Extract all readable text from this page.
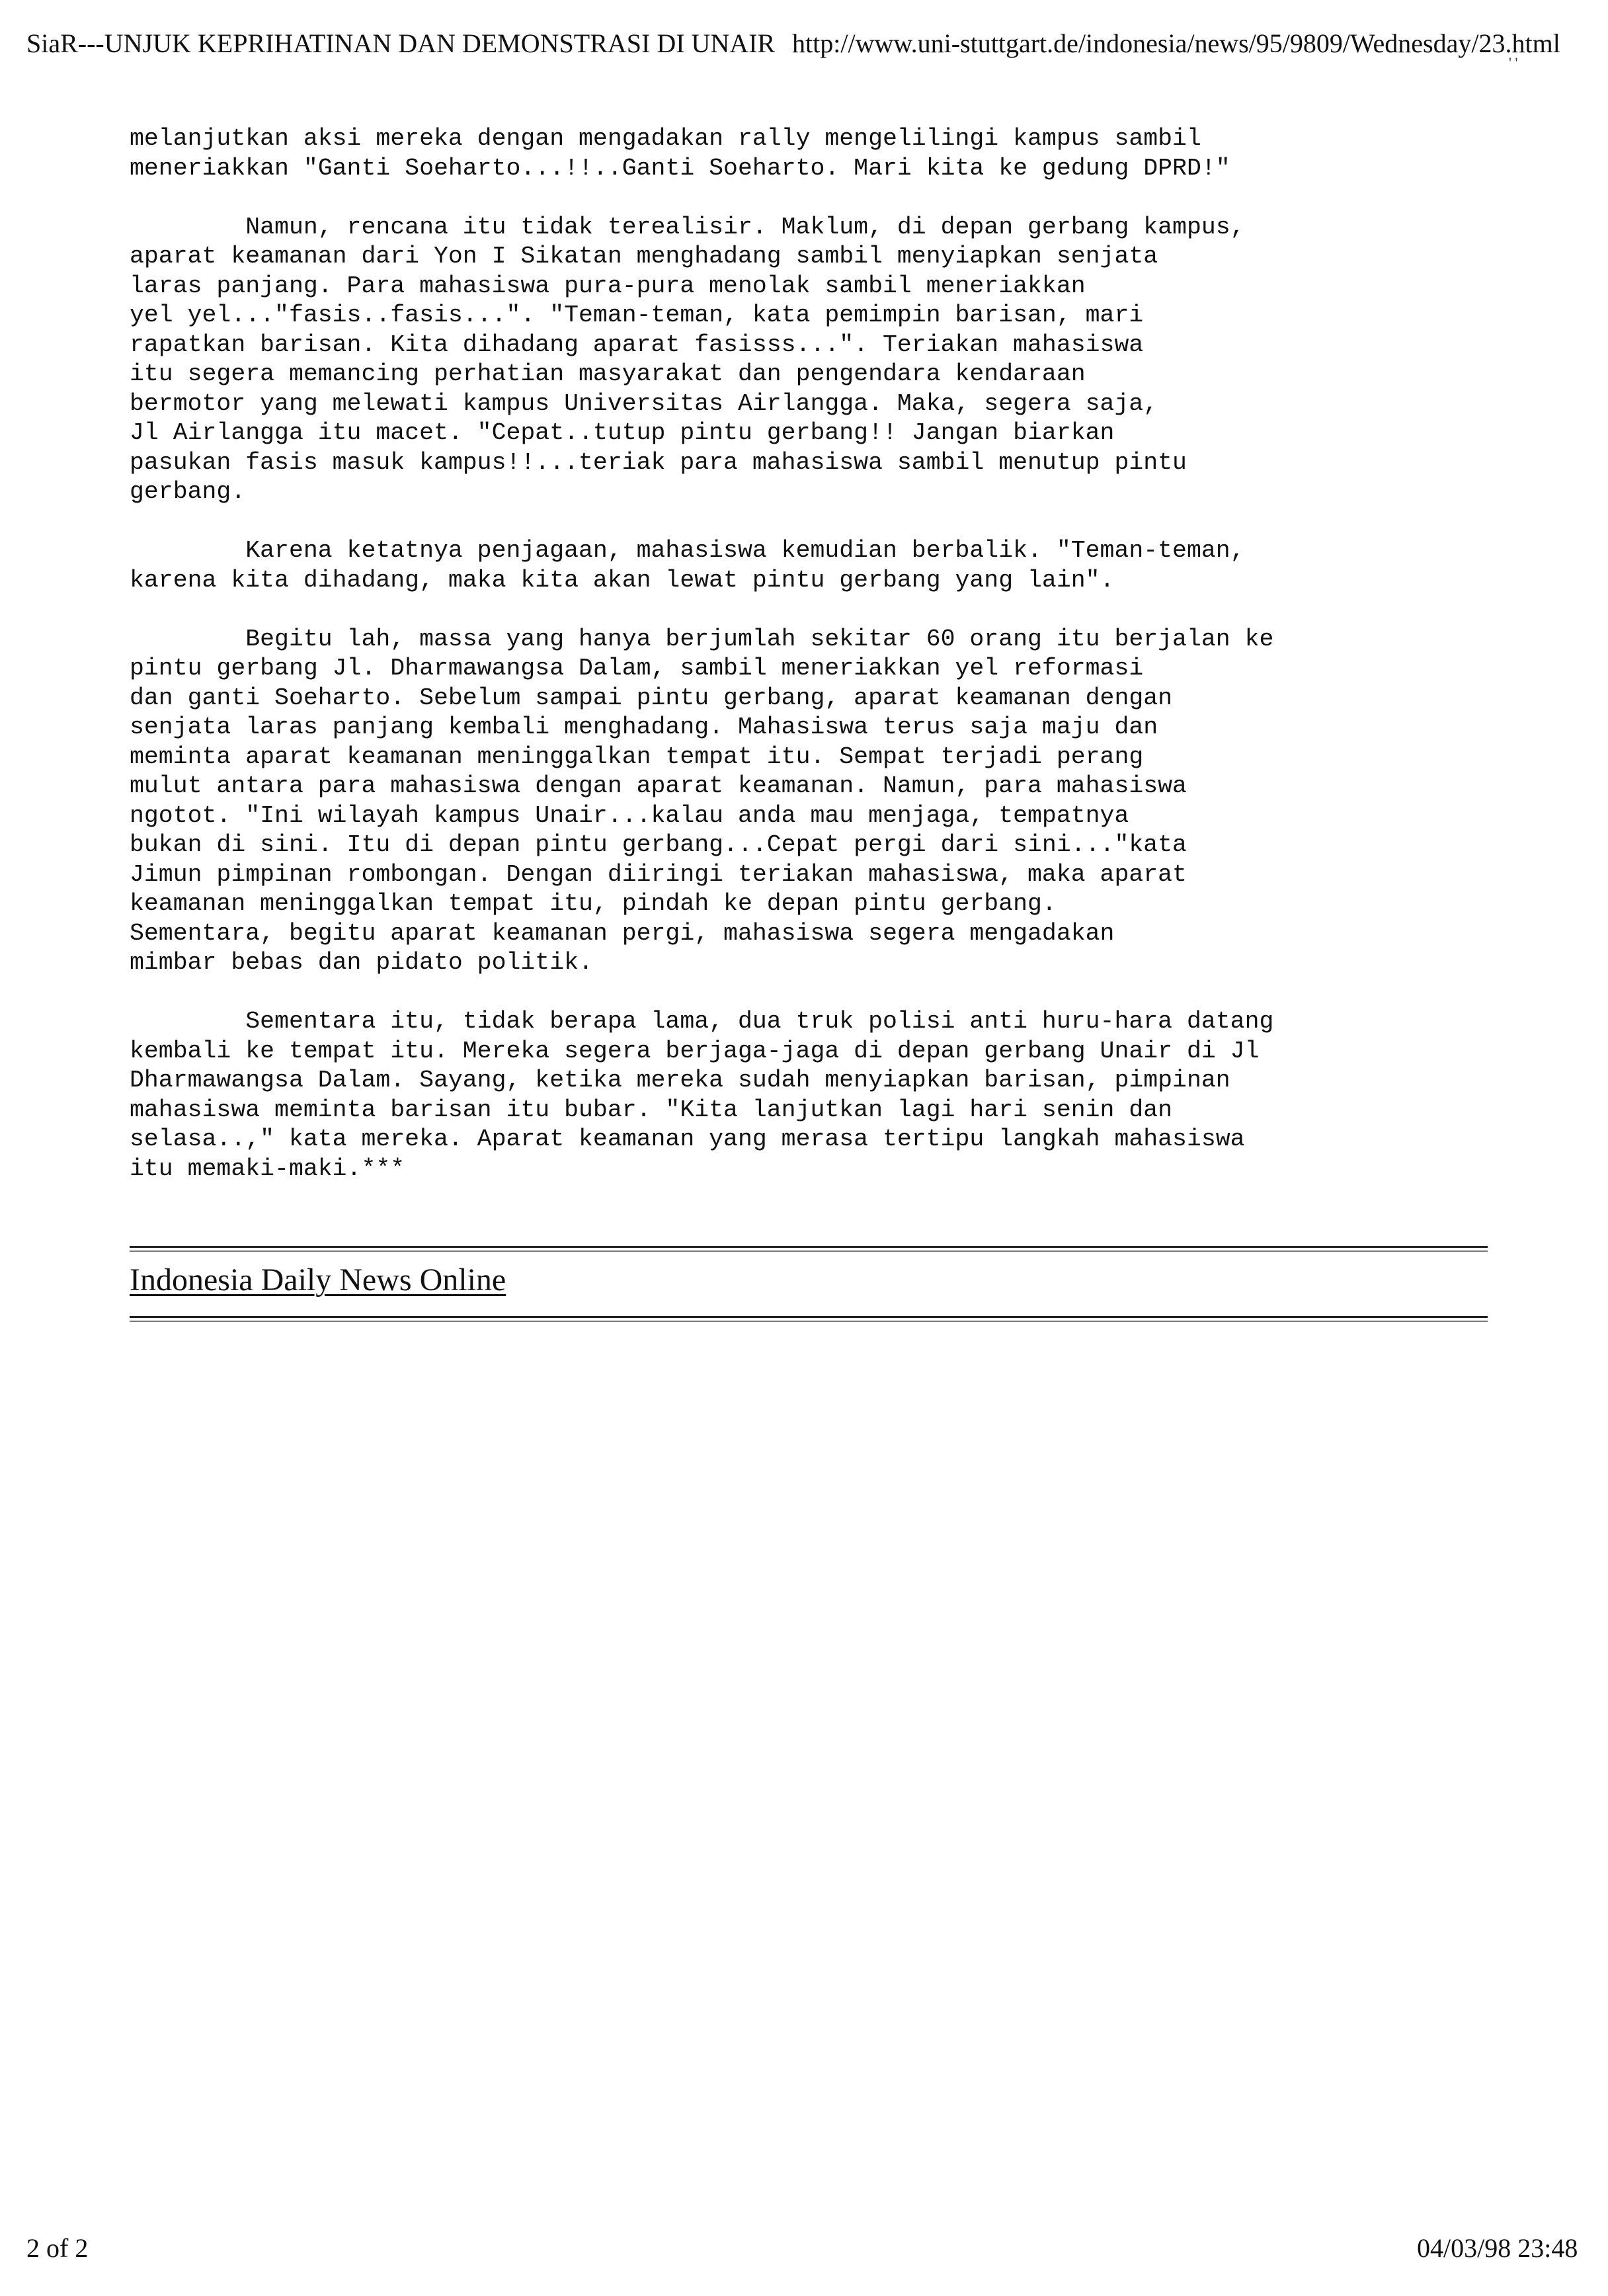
SiaR---UNJUK KEPRIHATINAN DAN DEMONSTRASI DI UNAIR http://www.uni-stuttgart.de/indonesia/news/95/9809/Wednesday/23.html
' '

melanjutkan aksi mereka dengan mengadakan rally mengelilingi kampus sambil
meneriakkan "Ganti Soeharto...!!..Ganti Soeharto. Mari kita ke gedung DPRD!"

Namun, rencana itu tidak terealisir. Maklum, di depan gerbang kampus,
aparat keamanan dari Yon I Sikatan menghadang sambil menyiapkan senjata
laras panjang. Para mahasiswa pura-pura menolak sambil meneriakkan
yel yel..."fasis..fasis...". "Teman-teman, kata pemimpin barisan, mari
rapatkan barisan. Kita dihadang aparat fasisss...". Teriakan mahasiswa
itu segera memancing perhatian masyarakat dan pengendara kendaraan
bermotor yang melewati kampus Universitas Airlangga. Maka, segera saja,
Jl Airlangga itu macet. "Cepat..tutup pintu gerbang!! Jangan biarkan
pasukan fasis masuk kampus!!...teriak para mahasiswa sambil menutup pintu
gerbang.

Karena ketatnya penjagaan, mahasiswa kemudian berbalik. "Teman-teman,
karena kita dihadang, maka kita akan lewat pintu gerbang yang lain".

Begitu lah, massa yang hanya berjumlah sekitar 60 orang itu berjalan ke
pintu gerbang Jl. Dharmawangsa Dalam, sambil meneriakkan yel reformasi
dan ganti Soeharto. Sebelum sampai pintu gerbang, aparat keamanan dengan
senjata laras panjang kembali menghadang. Mahasiswa terus saja maju dan
meminta aparat keamanan meninggalkan tempat itu. Sempat terjadi perang
mulut antara para mahasiswa dengan aparat keamanan. Namun, para mahasiswa
ngotot. "Ini wilayah kampus Unair...kalau anda mau menjaga, tempatnya
bukan di sini. Itu di depan pintu gerbang...Cepat pergi dari sini..."kata
Jimun pimpinan rombongan. Dengan diiringi teriakan mahasiswa, maka aparat
keamanan meninggalkan tempat itu, pindah ke depan pintu gerbang.
Sementara, begitu aparat keamanan pergi, mahasiswa segera mengadakan
mimbar bebas dan pidato politik.

Sementara itu, tidak berapa lama, dua truk polisi anti huru-hara datang
kembali ke tempat itu. Mereka segera berjaga-jaga di depan gerbang Unair di Jl
Dharmawangsa Dalam. Sayang, ketika mereka sudah menyiapkan barisan, pimpinan
mahasiswa meminta barisan itu bubar. "Kita lanjutkan lagi hari senin dan
selasa..," kata mereka. Aparat keamanan yang merasa tertipu langkah mahasiswa
itu memaki-maki.***

Indonesia Daily News Online
2 of 2	04/03/98 23:48
